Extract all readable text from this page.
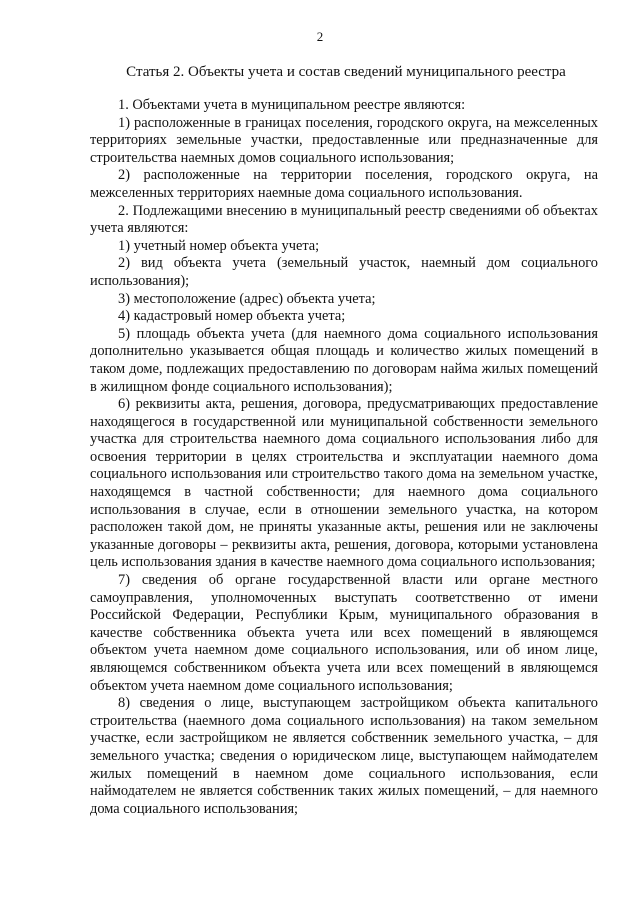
2
Статья 2. Объекты учета и состав сведений муниципального реестра

1. Объектами учета в муниципальном реестре являются:

1) расположенные в границах поселения, городского округа, на межселенных территориях земельные участки, предоставленные или предназначенные для строительства наемных домов социального использования;

2) расположенные на территории поселения, городского округа, на межселенных территориях наемные дома социального использования.

2. Подлежащими внесению в муниципальный реестр сведениями об объектах учета являются:

1) учетный номер объекта учета;

2) вид объекта учета (земельный участок, наемный дом социального использования);

3) местоположение (адрес) объекта учета;

4) кадастровый номер объекта учета;

5) площадь объекта учета (для наемного дома социального использования дополнительно указывается общая площадь и количество жилых помещений в таком доме, подлежащих предоставлению по договорам найма жилых помещений в жилищном фонде социального использования);

6) реквизиты акта, решения, договора, предусматривающих предоставление находящегося в государственной или муниципальной собственности земельного участка для строительства наемного дома социального использования либо для освоения территории в целях строительства и эксплуатации наемного дома социального использования или строительство такого дома на земельном участке, находящемся в частной собственности; для наемного дома социального использования в случае, если в отношении земельного участка, на котором расположен такой дом, не приняты указанные акты, решения или не заключены указанные договоры – реквизиты акта, решения, договора, которыми установлена цель использования здания в качестве наемного дома социального использования;

7) сведения об органе государственной власти или органе местного самоуправления, уполномоченных выступать соответственно от имени Российской Федерации, Республики Крым, муниципального образования в качестве собственника объекта учета или всех помещений в являющемся объектом учета наемном доме социального использования, или об ином лице, являющемся собственником объекта учета или всех помещений в являющемся объектом учета наемном доме социального использования;

8) сведения о лице, выступающем застройщиком объекта капитального строительства (наемного дома социального использования) на таком земельном участке, если застройщиком не является собственник земельного участка, – для земельного участка; сведения о юридическом лице, выступающем наймодателем жилых помещений в наемном доме социального использования, если наймодателем не является собственник таких жилых помещений, – для наемного дома социального использования;
